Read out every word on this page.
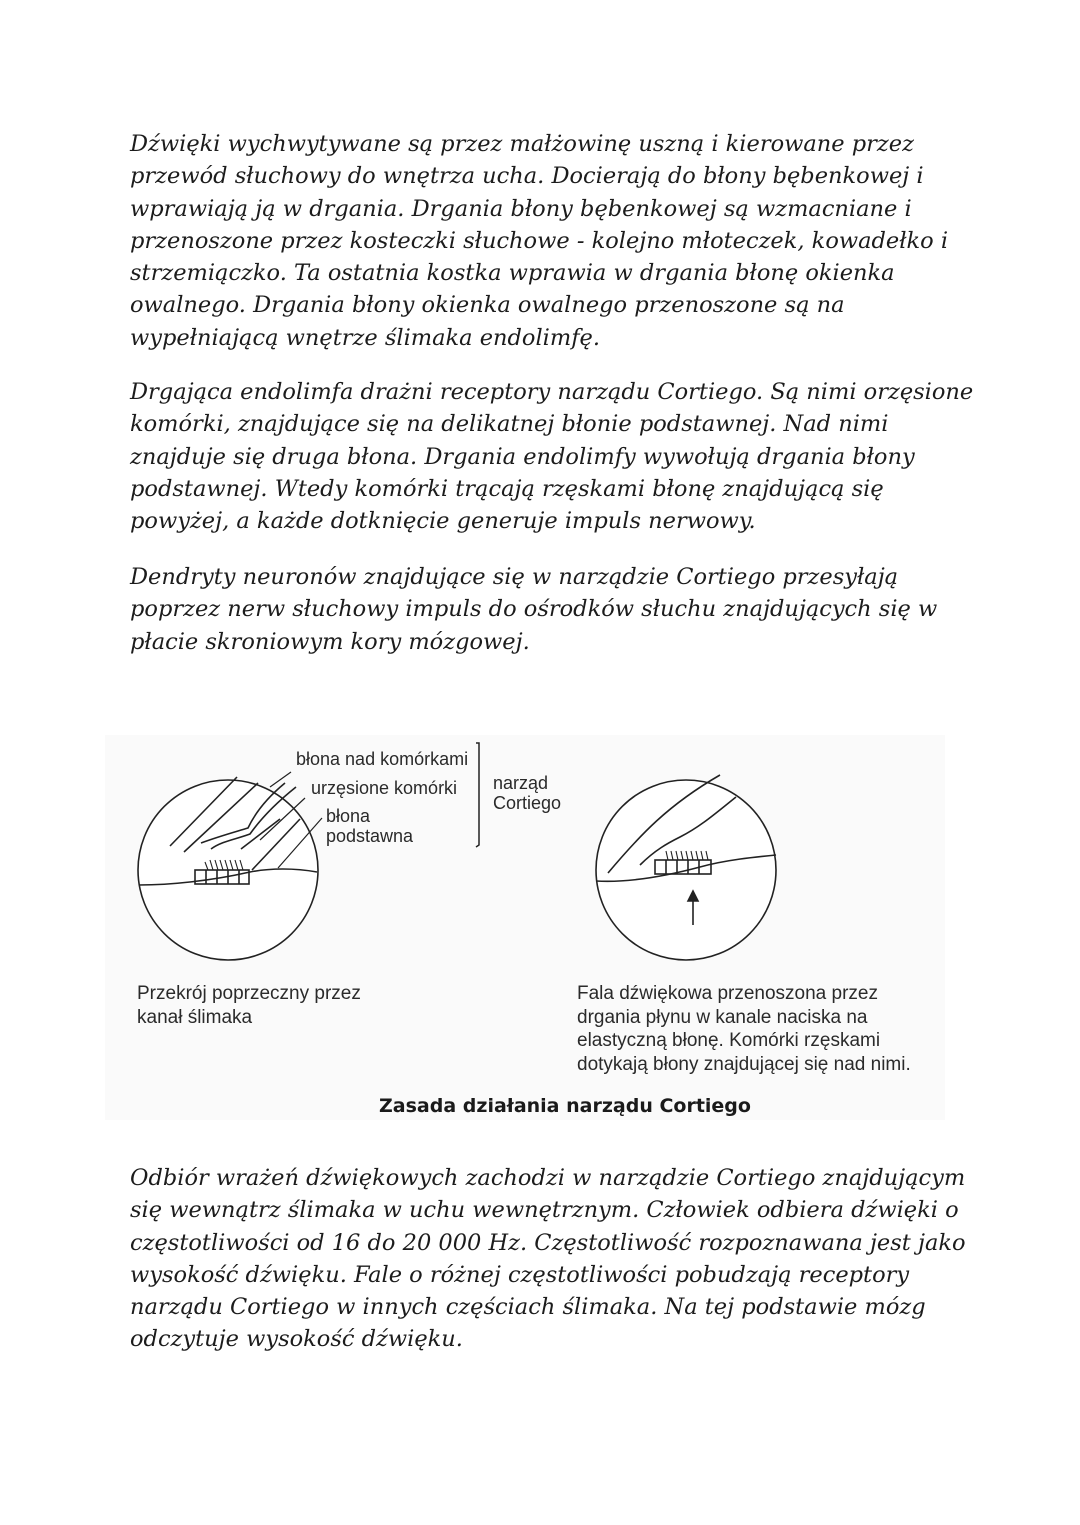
Dźwięki wychwytywane są przez małżowinę uszną i kierowane przez
przewód słuchowy do wnętrza ucha. Docierają do błony bębenkowej i
wprawiają ją w drgania. Drgania błony bębenkowej są wzmacniane i
przenoszone przez kosteczki słuchowe - kolejno młoteczek, kowadełko i
strzemiączko. Ta ostatnia kostka wprawia w drgania błonę okienka
owalnego. Drgania błony okienka owalnego przenoszone są na
wypełniającą wnętrze ślimaka endolimfę.
Drgająca endolimfa drażni receptory narządu Cortiego. Są nimi orzęsione
komórki, znajdujące się na delikatnej błonie podstawnej. Nad nimi
znajduje się druga błona. Drgania endolimfy wywołują drgania błony
podstawnej. Wtedy komórki trącają rzęskami błonę znajdującą się
powyżej, a każde dotknięcie generuje impuls nerwowy.
Dendryty neuronów znajdujące się w narządzie Cortiego przesyłają
poprzez nerw słuchowy impuls do ośrodków słuchu znajdujących się w
płacie skroniowym kory mózgowej.

błona nad komórkami

urzęsione komórki

błona

podstawna

narząd

Cortiego

Przekrój poprzeczny przez
kanał ślimaka
Fala dźwiękowa przenoszona przez
drgania płynu w kanale naciska na
elastyczną błonę. Komórki rzęskami
dotykają błony znajdującej się nad nimi.

Zasada działania narządu Cortiego

Odbiór wrażeń dźwiękowych zachodzi w narządzie Cortiego znajdującym
się wewnątrz ślimaka w uchu wewnętrznym. Człowiek odbiera dźwięki o
częstotliwości od 16 do 20 000 Hz. Częstotliwość rozpoznawana jest jako
wysokość dźwięku. Fale o różnej częstotliwości pobudzają receptory
narządu Cortiego w innych częściach ślimaka. Na tej podstawie mózg
odczytuje wysokość dźwięku.
